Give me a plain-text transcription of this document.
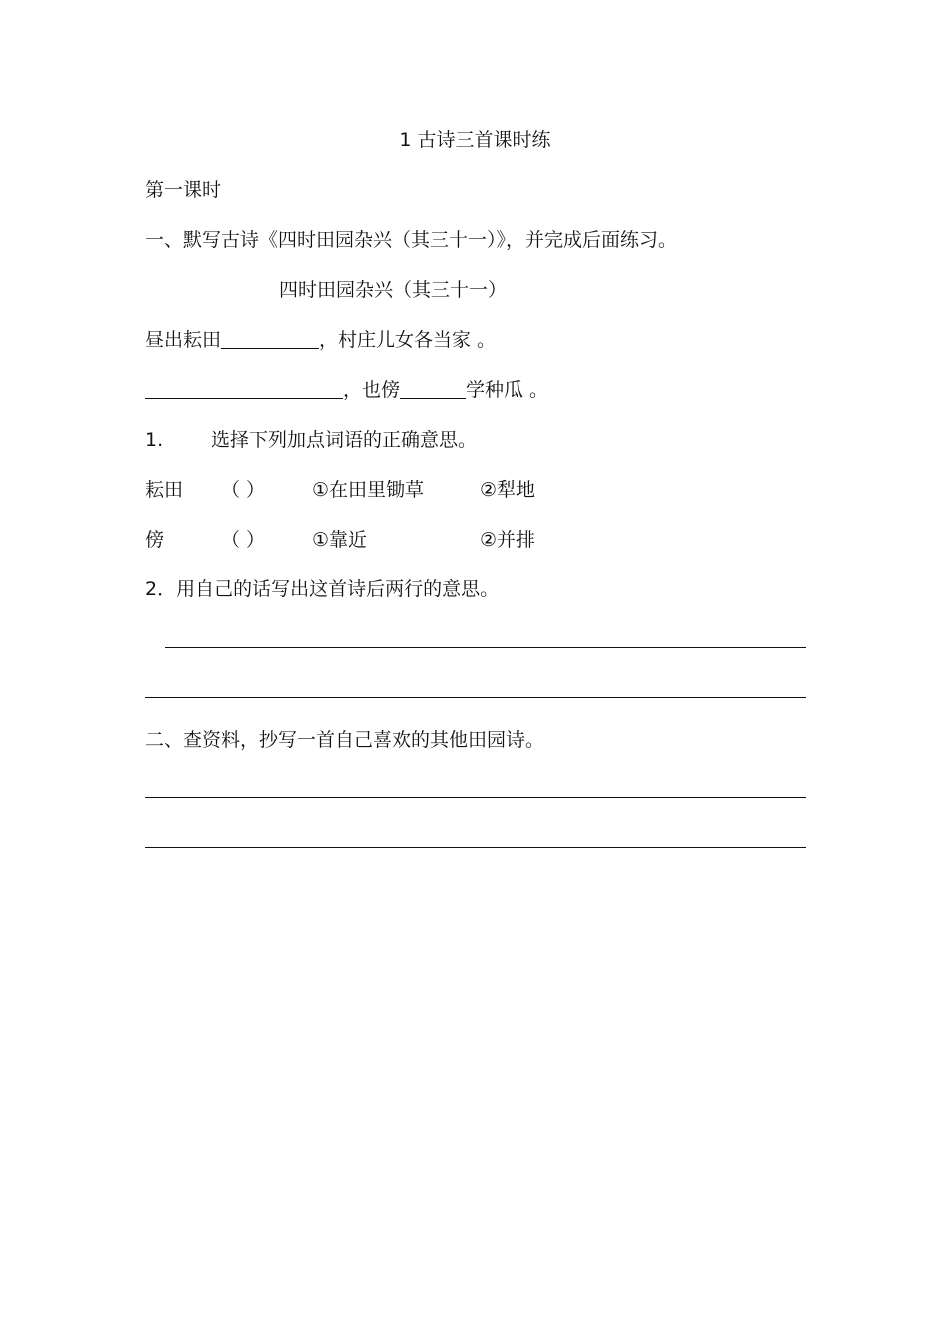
1 古诗三首课时练
第一课时
一、默写古诗《四时田园杂兴（其三十一）》，并完成后面练习。
四时田园杂兴（其三十一）
昼出耘田	，村庄儿女各当家 。
，也傍	学种瓜 。
1.	选择下列加点词语的正确意思。
耘田 （ ） ①在田里锄草	②犁地
傍	（ ） ①靠近	②并排
2．用自己的话写出这首诗后两行的意思。
二、查资料，抄写一首自己喜欢的其他田园诗。
